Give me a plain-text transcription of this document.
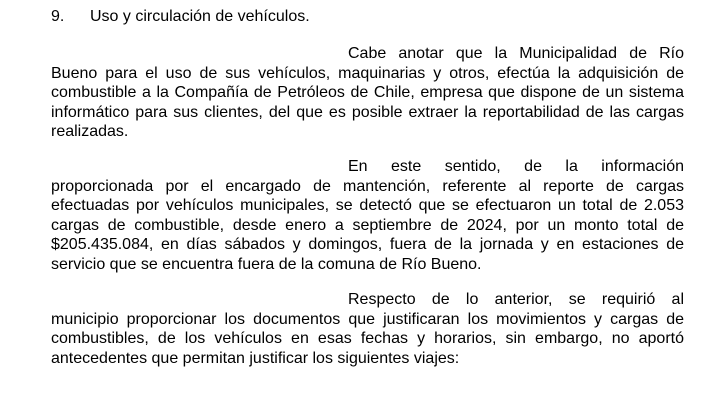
9. Uso y circulación de vehículos.

Cabe anotar que la Municipalidad de Río Bueno para el uso de sus vehículos, maquinarias y otros, efectúa la adquisición de combustible a la Compañía de Petróleos de Chile, empresa que dispone de un sistema informático para sus clientes, del que es posible extraer la reportabilidad de las cargas realizadas.

En este sentido, de la información proporcionada por el encargado de mantención, referente al reporte de cargas efectuadas por vehículos municipales, se detectó que se efectuaron un total de 2.053 cargas de combustible, desde enero a septiembre de 2024, por un monto total de $205.435.084, en días sábados y domingos, fuera de la jornada y en estaciones de servicio que se encuentra fuera de la comuna de Río Bueno.

Respecto de lo anterior, se requirió al municipio proporcionar los documentos que justificaran los movimientos y cargas de combustibles, de los vehículos en esas fechas y horarios, sin embargo, no aportó antecedentes que permitan justificar los siguientes viajes:
